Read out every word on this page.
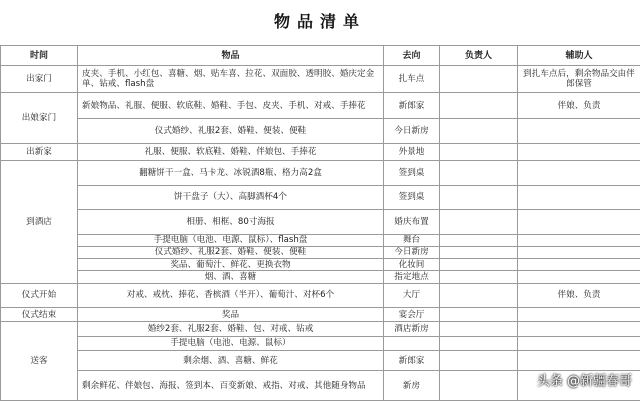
物品清单
时间	物品	去向	负责人	辅助人
出家门	皮夹、手机、小红包、喜糖、烟、贴车喜、拉花、双面胶、透明胶、婚庆定金单、钻戒、flash盘	扎车点		到扎车点后，剩余物品交由伴郎保管
出娘家门	新娘物品、礼服、便服、软底鞋、婚鞋、手包、皮夹、手机、对戒、手捧花	新郎家		伴娘、负责
	仪式婚纱、礼服2套、婚鞋、便装、便鞋	今日新房		
出新家	礼服、便服、软底鞋、婚鞋、伴娘包、手捧花	外景地		
到酒店	翻糖饼干一盒、马卡龙、冰锐酒8瓶、格力高2盒	签到桌		
	饼干盘子（大）、高脚酒杯4个	签到桌		
	相册、相框、80寸海报	婚庆布置		
	手提电脑（电池、电源、鼠标）、flash盘	舞台		
	仪式婚纱、礼服2套、婚鞋、便装、便鞋	今日新房		
	奖品、葡萄汁、鲜花、更换衣物	化妆间		
	烟、酒、喜糖	指定地点		
仪式开始	对戒、戒枕、捧花、香槟酒（半开）、葡萄汁、对杯6个	大厅		伴娘、负责
仪式结束	奖品	宴会厅		
送客	婚纱2套、礼服2套、婚鞋、包、对戒、钻戒	酒店新房		
	手提电脑（电池、电源、鼠标）			
	剩余烟、酒、喜糖、鲜花	新郎家		
	剩余鲜花、伴娘包、海报、签到本、百变新娘、戒指、对戒、其他随身物品	新房			头条 @新疆春哥
